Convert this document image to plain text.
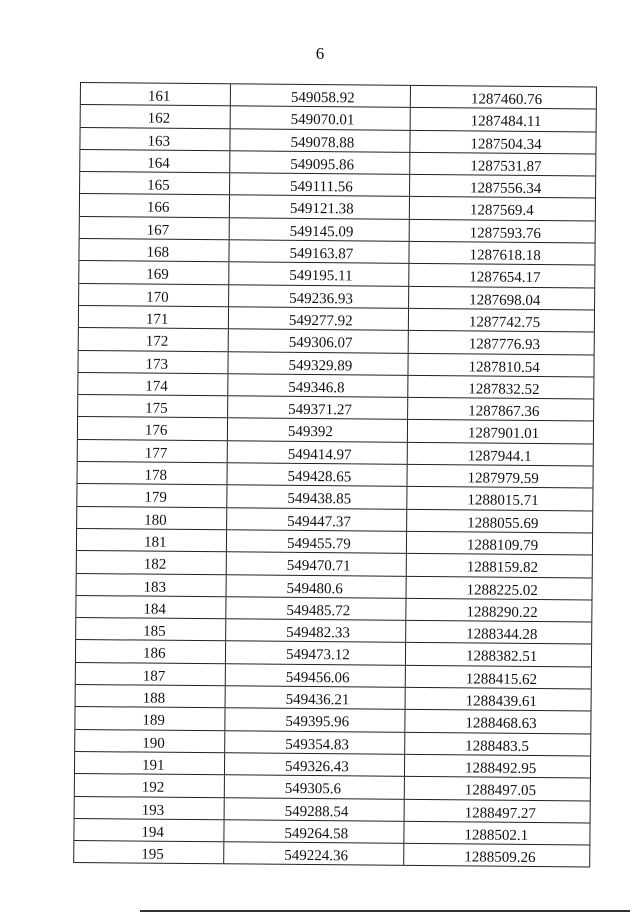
6
161	549058.92	1287460.76
162	549070.01	1287484.11
163	549078.88	1287504.34
164	549095.86	1287531.87
165	549111.56	1287556.34
166	549121.38	1287569.4
167	549145.09	1287593.76
168	549163.87	1287618.18
169	549195.11	1287654.17
170	549236.93	1287698.04
171	549277.92	1287742.75
172	549306.07	1287776.93
173	549329.89	1287810.54
174	549346.8	1287832.52
175	549371.27	1287867.36
176	549392	1287901.01
177	549414.97	1287944.1
178	549428.65	1287979.59
179	549438.85	1288015.71
180	549447.37	1288055.69
181	549455.79	1288109.79
182	549470.71	1288159.82
183	549480.6	1288225.02
184	549485.72	1288290.22
185	549482.33	1288344.28
186	549473.12	1288382.51
187	549456.06	1288415.62
188	549436.21	1288439.61
189	549395.96	1288468.63
190	549354.83	1288483.5
191	549326.43	1288492.95
192	549305.6	1288497.05
193	549288.54	1288497.27
194	549264.58	1288502.1
195	549224.36	1288509.26
